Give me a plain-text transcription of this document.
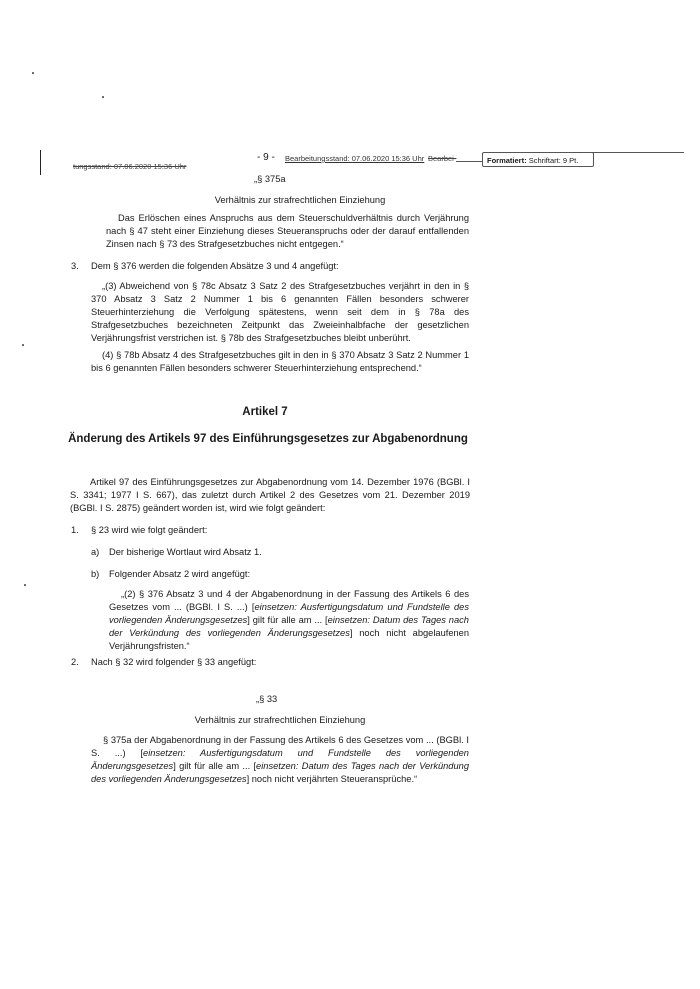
tungsstand: 07.06.2020 15:36 Uhr
- 9 - Bearbeitungsstand: 07.06.2020 15:36 Uhr Bearbei-	Formatiert: Schriftart: 9 Pt.
„§ 375a
Verhältnis zur strafrechtlichen Einziehung
Das Erlöschen eines Anspruchs aus dem Steuerschuldverhältnis durch Verjährung nach § 47 steht einer Einziehung dieses Steueranspruchs oder der darauf entfallenden Zinsen nach § 73 des Strafgesetzbuches nicht entgegen.“
3. Dem § 376 werden die folgenden Absätze 3 und 4 angefügt:
„(3) Abweichend von § 78c Absatz 3 Satz 2 des Strafgesetzbuches verjährt in den in § 370 Absatz 3 Satz 2 Nummer 1 bis 6 genannten Fällen besonders schwerer Steuerhinterziehung die Verfolgung spätestens, wenn seit dem in § 78a des Strafgesetzbuches bezeichneten Zeitpunkt das Zweieinhalbfache der gesetzlichen Verjährungsfrist verstrichen ist. § 78b des Strafgesetzbuches bleibt unberührt.
(4) § 78b Absatz 4 des Strafgesetzbuches gilt in den in § 370 Absatz 3 Satz 2 Nummer 1 bis 6 genannten Fällen besonders schwerer Steuerhinterziehung entsprechend.“
Artikel 7
Änderung des Artikels 97 des Einführungsgesetzes zur Abgabenordnung
Artikel 97 des Einführungsgesetzes zur Abgabenordnung vom 14. Dezember 1976 (BGBl. I S. 3341; 1977 I S. 667), das zuletzt durch Artikel 2 des Gesetzes vom 21. Dezember 2019 (BGBl. I S. 2875) geändert worden ist, wird wie folgt geändert:
1. § 23 wird wie folgt geändert:
a) Der bisherige Wortlaut wird Absatz 1.
b) Folgender Absatz 2 wird angefügt:
„(2) § 376 Absatz 3 und 4 der Abgabenordnung in der Fassung des Artikels 6 des Gesetzes vom ... (BGBl. I S. ...) [einsetzen: Ausfertigungsdatum und Fundstelle des vorliegenden Änderungsgesetzes] gilt für alle am ... [einsetzen: Datum des Tages nach der Verkündung des vorliegenden Änderungsgesetzes] noch nicht abgelaufenen Verjährungsfristen.“
2. Nach § 32 wird folgender § 33 angefügt:
„§ 33
Verhältnis zur strafrechtlichen Einziehung
§ 375a der Abgabenordnung in der Fassung des Artikels 6 des Gesetzes vom ... (BGBl. I S. ...) [einsetzen: Ausfertigungsdatum und Fundstelle des vorliegenden Änderungsgesetzes] gilt für alle am ... [einsetzen: Datum des Tages nach der Verkündung des vorliegenden Änderungsgesetzes] noch nicht verjährten Steueransprüche.“
